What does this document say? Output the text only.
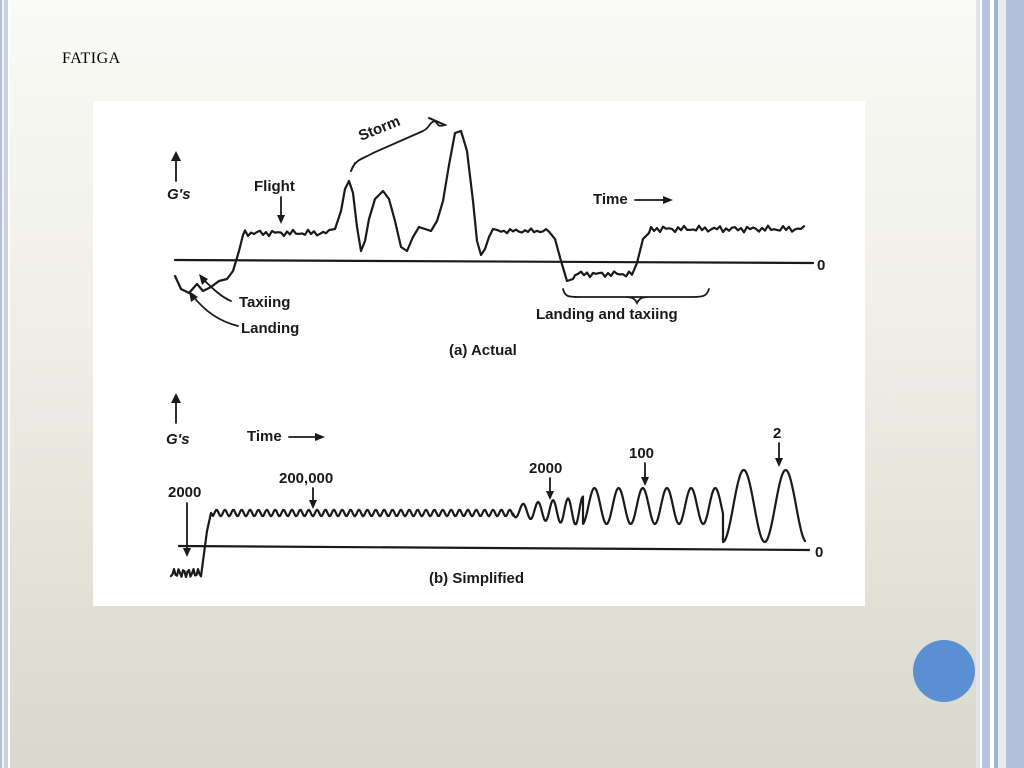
FATIGA
G's
0
Flight
Storm
Time
Taxiing
Landing
Landing and taxiing
(a) Actual
G's	Time
0
2000
200,000
2000
100
2
(b) Simplified
